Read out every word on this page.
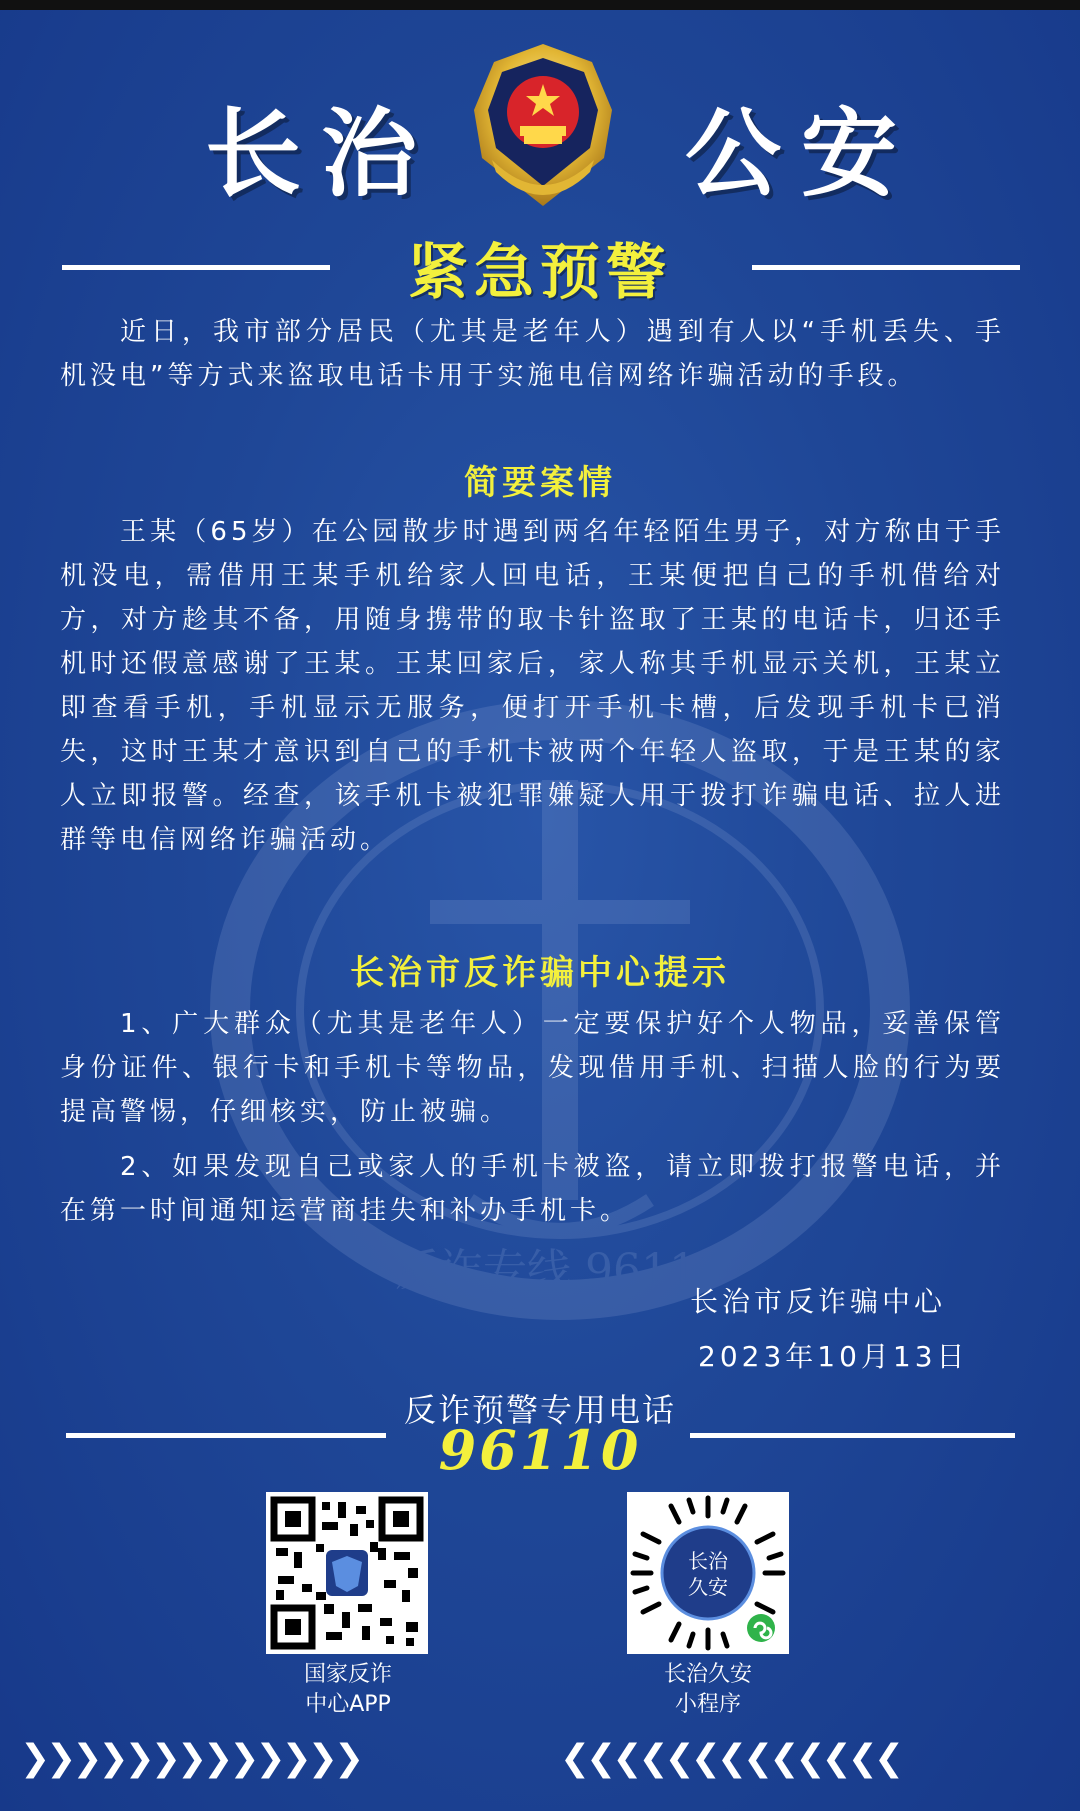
反诈专线 96110
长治	公安
紧急预警
近日，我市部分居民（尤其是老年人）遇到有人以“手机丢失、手机没电”等方式来盗取电话卡用于实施电信网络诈骗活动的手段。
简要案情
王某（65岁）在公园散步时遇到两名年轻陌生男子，对方称由于手机没电，需借用王某手机给家人回电话，王某便把自己的手机借给对方，对方趁其不备，用随身携带的取卡针盗取了王某的电话卡，归还手机时还假意感谢了王某。王某回家后，家人称其手机显示关机，王某立即查看手机，手机显示无服务，便打开手机卡槽，后发现手机卡已消失，这时王某才意识到自己的手机卡被两个年轻人盗取，于是王某的家人立即报警。经查，该手机卡被犯罪嫌疑人用于拨打诈骗电话、拉人进群等电信网络诈骗活动。
长治市反诈骗中心提示
1、广大群众（尤其是老年人）一定要保护好个人物品，妥善保管身份证件、银行卡和手机卡等物品，发现借用手机、扫描人脸的行为要提高警惕，仔细核实，防止被骗。
2、如果发现自己或家人的手机卡被盗，请立即拨打报警电话，并在第一时间通知运营商挂失和补办手机卡。
长治市反诈骗中心
2023年10月13日
反诈预警专用电话
96110
国家反诈
中心APP
长治
久安
长治久安
小程序
❯❯❯❯❯❯❯❯❯❯❯❯❯	❮❮❮❮❮❮❮❮❮❮❮❮❮
